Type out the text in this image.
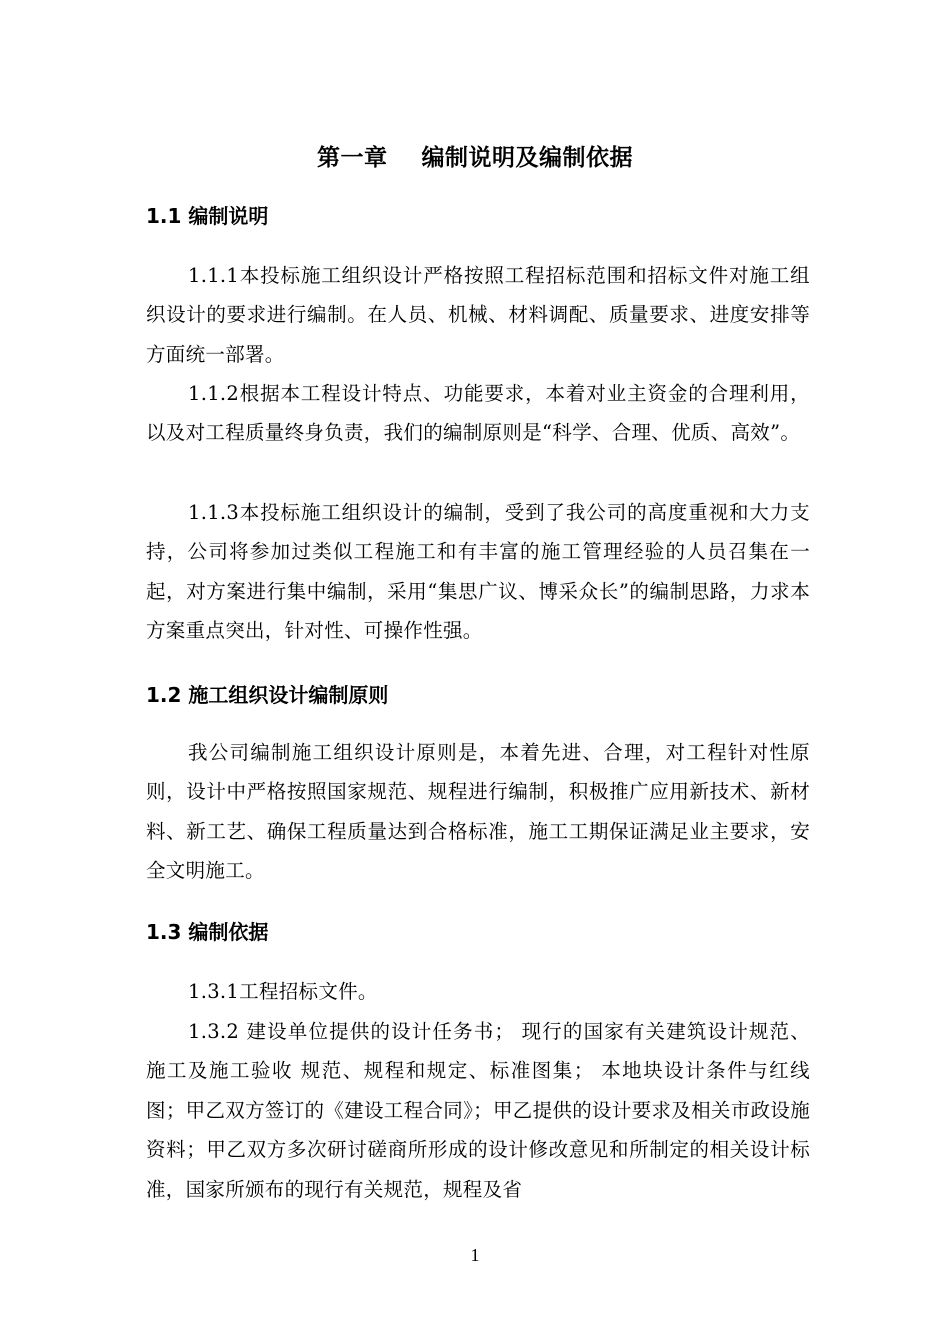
第一章    编制说明及编制依据
1.1 编制说明
1.1.1本投标施工组织设计严格按照工程招标范围和招标文件对施工组织设计的要求进行编制。在人员、机械、材料调配、质量要求、进度安排等方面统一部署。
1.1.2根据本工程设计特点、功能要求，本着对业主资金的合理利用，以及对工程质量终身负责，我们的编制原则是“科学、合理、优质、高效”。
1.1.3本投标施工组织设计的编制，受到了我公司的高度重视和大力支持，公司将参加过类似工程施工和有丰富的施工管理经验的人员召集在一起，对方案进行集中编制，采用“集思广议、博采众长”的编制思路，力求本方案重点突出，针对性、可操作性强。
1.2 施工组织设计编制原则
我公司编制施工组织设计原则是，本着先进、合理，对工程针对性原则，设计中严格按照国家规范、规程进行编制，积极推广应用新技术、新材料、新工艺、确保工程质量达到合格标准，施工工期保证满足业主要求，安全文明施工。
1.3 编制依据
1.3.1工程招标文件。
1.3.2 建设单位提供的设计任务书； 现行的国家有关建筑设计规范、 施工及施工验收 规范、规程和规定、标准图集； 本地块设计条件与红线图；甲乙双方签订的《建设工程合同》；甲乙提供的设计要求及相关市政设施资料；甲乙双方多次研讨磋商所形成的设计修改意见和所制定的相关设计标准，国家所颁布的现行有关规范，规程及省
1
